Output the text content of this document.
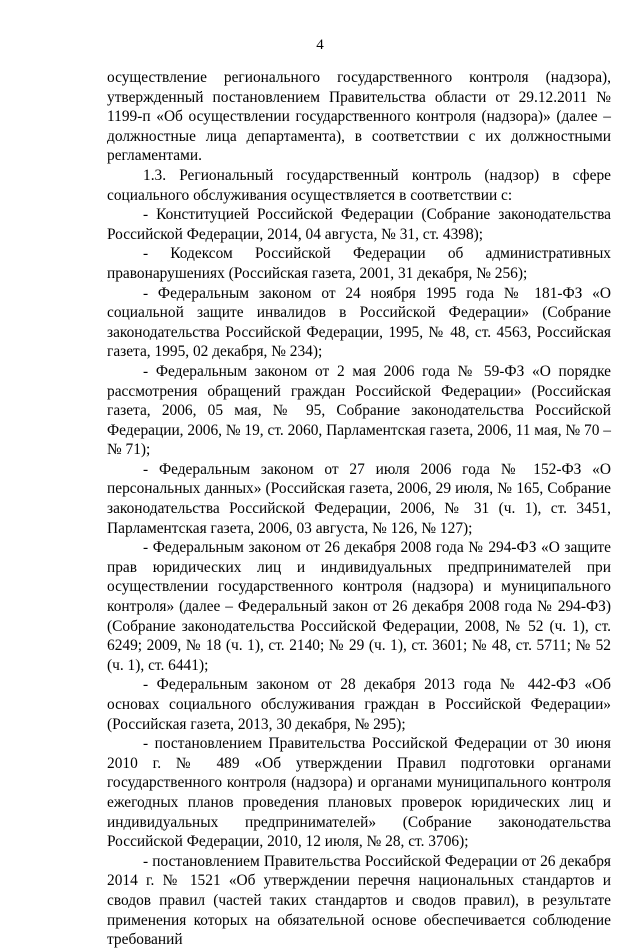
4

осуществление регионального государственного контроля (надзора), утвержденный постановлением Правительства области от 29.12.2011 № 1199-п «Об осуществлении государственного контроля (надзора)» (далее – должностные лица департамента), в соответствии с их должностными регламентами.

1.3. Региональный государственный контроль (надзор) в сфере социального обслуживания осуществляется в соответствии с:

- Конституцией Российской Федерации (Собрание законодательства Российской Федерации, 2014, 04 августа, № 31, ст. 4398);

- Кодексом Российской Федерации об административных правонарушениях (Российская газета, 2001, 31 декабря, № 256);

- Федеральным законом от 24 ноября 1995 года № 181-ФЗ «О социальной защите инвалидов в Российской Федерации» (Собрание законодательства Российской Федерации, 1995, № 48, ст. 4563, Российская газета, 1995, 02 декабря, № 234);

- Федеральным законом от 2 мая 2006 года № 59-ФЗ «О порядке рассмотрения обращений граждан Российской Федерации» (Российская газета, 2006, 05 мая, № 95, Собрание законодательства Российской Федерации, 2006, № 19, ст. 2060, Парламентская газета, 2006, 11 мая, № 70 – № 71);

- Федеральным законом от 27 июля 2006 года № 152-ФЗ «О персональных данных» (Российская газета, 2006, 29 июля, № 165, Собрание законодательства Российской Федерации, 2006, № 31 (ч. 1), ст. 3451, Парламентская газета, 2006, 03 августа, № 126, № 127);

- Федеральным законом от 26 декабря 2008 года № 294-ФЗ «О защите прав юридических лиц и индивидуальных предпринимателей при осуществлении государственного контроля (надзора) и муниципального контроля» (далее – Федеральный закон от 26 декабря 2008 года № 294-ФЗ) (Собрание законодательства Российской Федерации, 2008, № 52 (ч. 1), ст. 6249; 2009, № 18 (ч. 1), ст. 2140; № 29 (ч. 1), ст. 3601; № 48, ст. 5711; № 52 (ч. 1), ст. 6441);

- Федеральным законом от 28 декабря 2013 года № 442-ФЗ «Об основах социального обслуживания граждан в Российской Федерации» (Российская газета, 2013, 30 декабря, № 295);

- постановлением Правительства Российской Федерации от 30 июня 2010 г. № 489 «Об утверждении Правил подготовки органами государственного контроля (надзора) и органами муниципального контроля ежегодных планов проведения плановых проверок юридических лиц и индивидуальных предпринимателей» (Собрание законодательства Российской Федерации, 2010, 12 июля, № 28, ст. 3706);

- постановлением Правительства Российской Федерации от 26 декабря 2014 г. № 1521 «Об утверждении перечня национальных стандартов и сводов правил (частей таких стандартов и сводов правил), в результате применения которых на обязательной основе обеспечивается соблюдение требований
